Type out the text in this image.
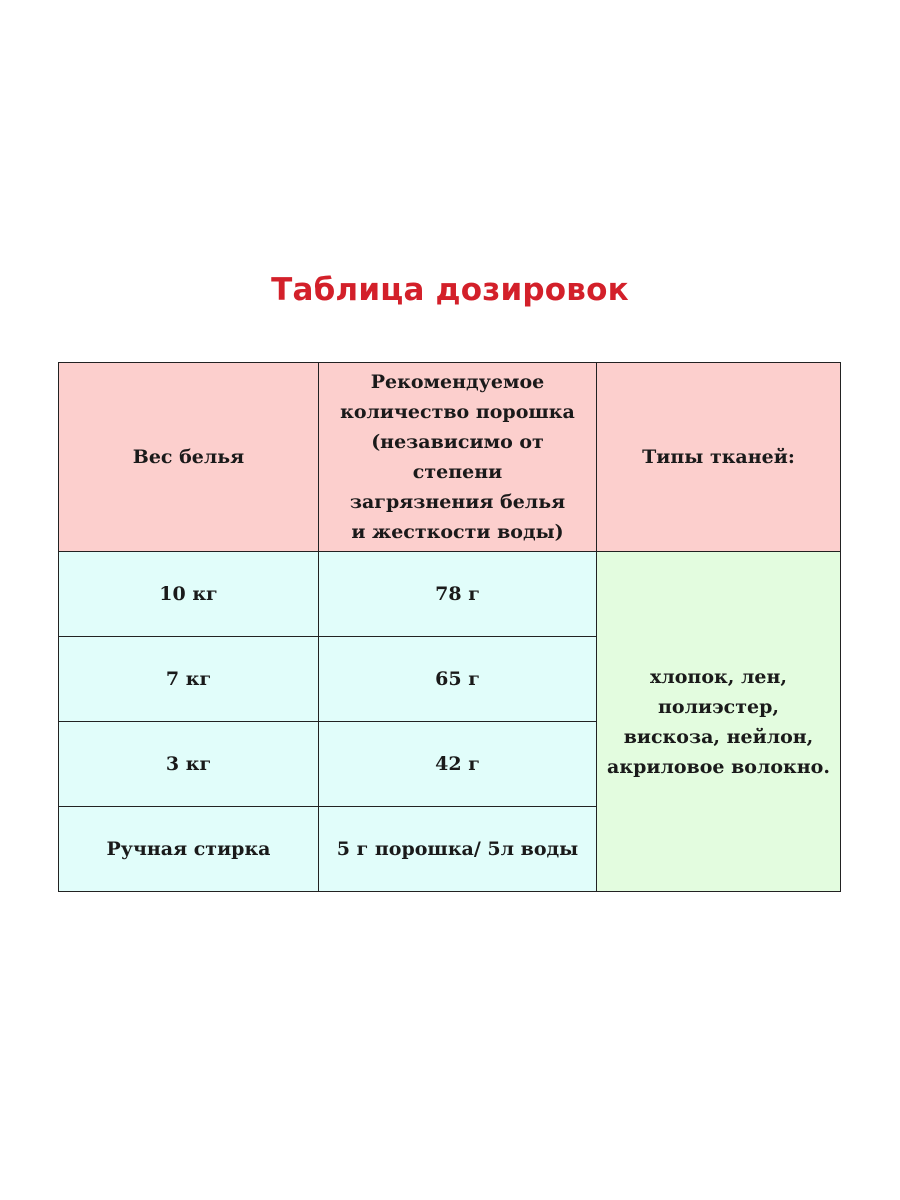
Таблица дозировок
Вес белья	Рекомендуемое
количество порошка
(независимо от степени
загрязнения белья
и жесткости воды)	Типы тканей:
10 кг	78 г	хлопок, лен,
полиэстер,
вискоза, нейлон,
акриловое волокно.

7 кг	65 г	
3 кг	42 г	
Ручная стирка	5 г порошка/ 5л воды	
